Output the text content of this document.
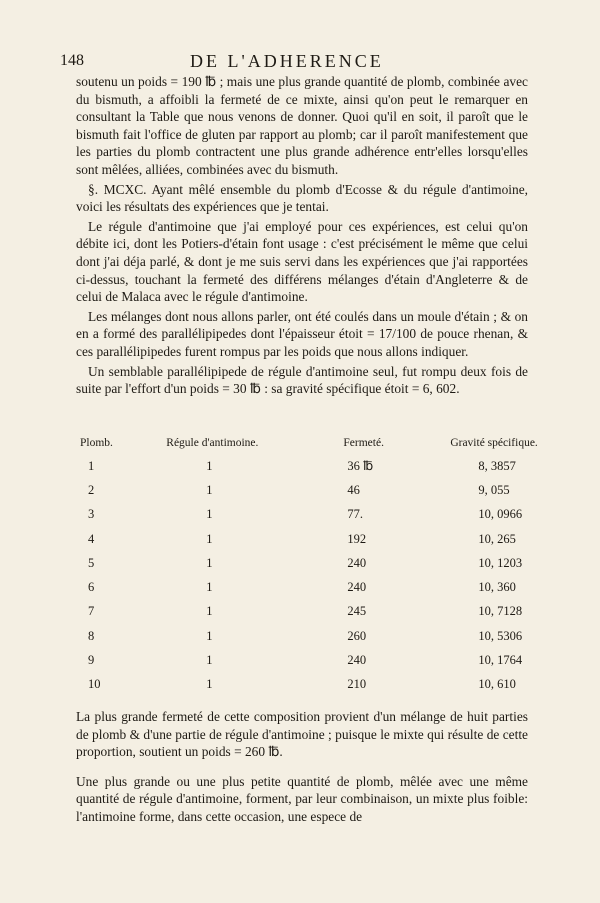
148	DE L'ADHERENCE

soutenu un poids = 190 ℔ ; mais une plus grande quantité de plomb, combinée avec du bismuth, a affoibli la fermeté de ce mixte, ainsi qu'on peut le remarquer en consultant la Table que nous venons de donner. Quoi qu'il en soit, il paroît que le bismuth fait l'office de gluten par rapport au plomb; car il paroît manifestement que les parties du plomb contractent une plus grande adhérence entr'elles lorsqu'elles sont mêlées, alliées, combinées avec du bismuth.

§. MCXC. Ayant mêlé ensemble du plomb d'Ecosse & du régule d'antimoine, voici les résultats des expériences que je tentai.

Le régule d'antimoine que j'ai employé pour ces expériences, est celui qu'on débite ici, dont les Potiers-d'étain font usage : c'est précisément le même que celui dont j'ai déja parlé, & dont je me suis servi dans les expériences que j'ai rapportées ci-dessus, touchant la fermeté des différens mélanges d'étain d'Angleterre & de celui de Malaca avec le régule d'antimoine.

Les mélanges dont nous allons parler, ont été coulés dans un moule d'étain ; & on en a formé des parallélipipedes dont l'épaisseur étoit = 17/100 de pouce rhenan, & ces parallélipipedes furent rompus par les poids que nous allons indiquer.

Un semblable parallélipipede de régule d'antimoine seul, fut rompu deux fois de suite par l'effort d'un poids = 30 ℔ : sa gravité spécifique étoit = 6, 602.

Plomb.	Régule d'antimoine.	Fermeté.	Gravité spécifique.
1	1	36 ℔	8, 3857
2	1	46	9, 055
3	1	77.	10, 0966
4	1	192	10, 265
5	1	240	10, 1203
6	1	240	10, 360
7	1	245	10, 7128
8	1	260	10, 5306
9	1	240	10, 1764
10	1	210	10, 610

La plus grande fermeté de cette composition provient d'un mélange de huit parties de plomb & d'une partie de régule d'antimoine ; puisque le mixte qui résulte de cette proportion, soutient un poids = 260 ℔.

Une plus grande ou une plus petite quantité de plomb, mêlée avec une même quantité de régule d'antimoine, forment, par leur combinaison, un mixte plus foible: l'antimoine forme, dans cette occasion, une espece de
